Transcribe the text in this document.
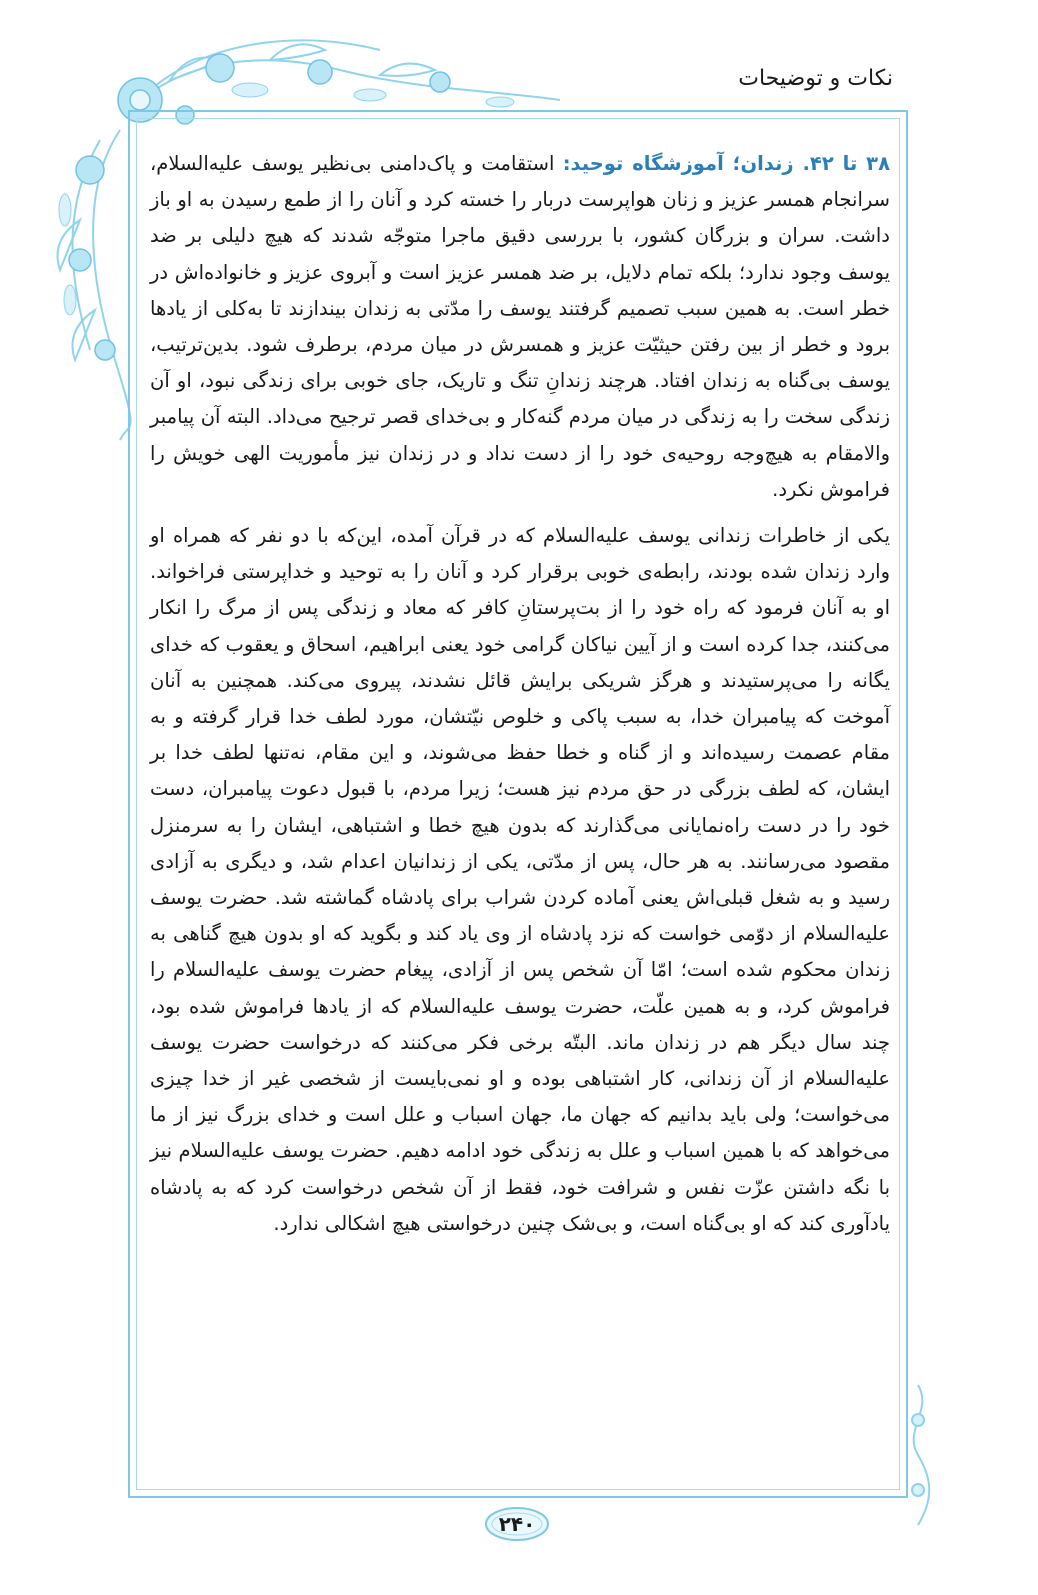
نکات و توضیحات

۳۸ تا ۴۲. زندان؛ آموزشگاه توحید: استقامت و پاک‌دامنی بی‌نظیر یوسف‌ علیه‌السلام، سرانجام همسر عزیز و زنان هواپرست دربار را خسته کرد و آنان را از طمع رسیدن به او باز داشت. سران و بزرگان کشور، با بررسی دقیق ماجرا متوجّه شدند که هیچ دلیلی بر ضد یوسف وجود ندارد؛ بلکه تمام دلایل، بر ضد همسر عزیز است و آبروی عزیز و خانواده‌اش در خطر است. به همین سبب تصمیم گرفتند یوسف را مدّتی به زندان بیندازند تا به‌کلی از یادها برود و خطر از بین رفتن حیثیّت عزیز و همسرش در میان مردم، برطرف شود. بدین‌ترتیب، یوسف بی‌گناه به زندان افتاد. هرچند زندانِ تنگ و تاریک، جای خوبی برای زندگی نبود، او آن زندگی سخت را به زندگی در میان مردم گنه‌کار و بی‌خدای قصر ترجیح می‌داد. البته آن پیامبر والامقام به هیچ‌وجه روحیه‌ی خود را از دست نداد و در زندان نیز مأموریت الهی خویش را فراموش نکرد.

یکی از خاطرات زندانی یوسف‌ علیه‌السلام که در قرآن آمده، این‌که با دو نفر که همراه او وارد زندان شده بودند، رابطه‌ی خوبی برقرار کرد و آنان را به توحید و خداپرستی فراخواند. او به آنان فرمود که راه خود را از بت‌پرستانِ کافر که معاد و زندگی پس از مرگ را انکار می‌کنند، جدا کرده است و از آیین نیاکان گرامی خود یعنی ابراهیم، اسحاق و یعقوب که خدای یگانه را می‌پرستیدند و هرگز شریکی برایش قائل نشدند، پیروی می‌کند. همچنین به آنان آموخت که پیامبران خدا، به سبب پاکی و خلوص نیّتشان، مورد لطف خدا قرار گرفته و به مقام عصمت رسیده‌اند و از گناه و خطا حفظ می‌شوند، و این مقام، نه‌تنها لطف خدا بر ایشان، که لطف بزرگی در حق مردم نیز هست؛ زیرا مردم، با قبول دعوت پیامبران، دست خود را در دست راه‌نمایانی می‌گذارند که بدون هیچ خطا و اشتباهی، ایشان را به سرمنزل مقصود می‌رسانند. به هر حال، پس از مدّتی، یکی از زندانیان اعدام شد، و دیگری به آزادی رسید و به شغل قبلی‌اش یعنی آماده کردن شراب برای پادشاه گماشته شد. حضرت یوسف‌ علیه‌السلام از دوّمی خواست که نزد پادشاه از وی یاد کند و بگوید که او بدون هیچ گناهی به زندان محکوم شده است؛ امّا آن شخص پس از آزادی، پیغام حضرت یوسف‌ علیه‌السلام را فراموش کرد، و به همین علّت، حضرت یوسف‌ علیه‌السلام که از یادها فراموش شده بود، چند سال دیگر هم در زندان ماند. البتّه برخی فکر می‌کنند که درخواست حضرت یوسف‌ علیه‌السلام از آن زندانی، کار اشتباهی بوده و او نمی‌بایست از شخصی غیر از خدا چیزی می‌خواست؛ ولی باید بدانیم که جهان ما، جهان اسباب و علل است و خدای بزرگ نیز از ما می‌خواهد که با همین اسباب و علل به زندگی خود ادامه دهیم. حضرت یوسف‌ علیه‌السلام نیز با نگه داشتن عزّت نفس و شرافت خود، فقط از آن شخص درخواست کرد که به پادشاه یادآوری کند که او بی‌گناه است، و بی‌شک چنین درخواستی هیچ اشکالی ندارد.

۲۴۰
